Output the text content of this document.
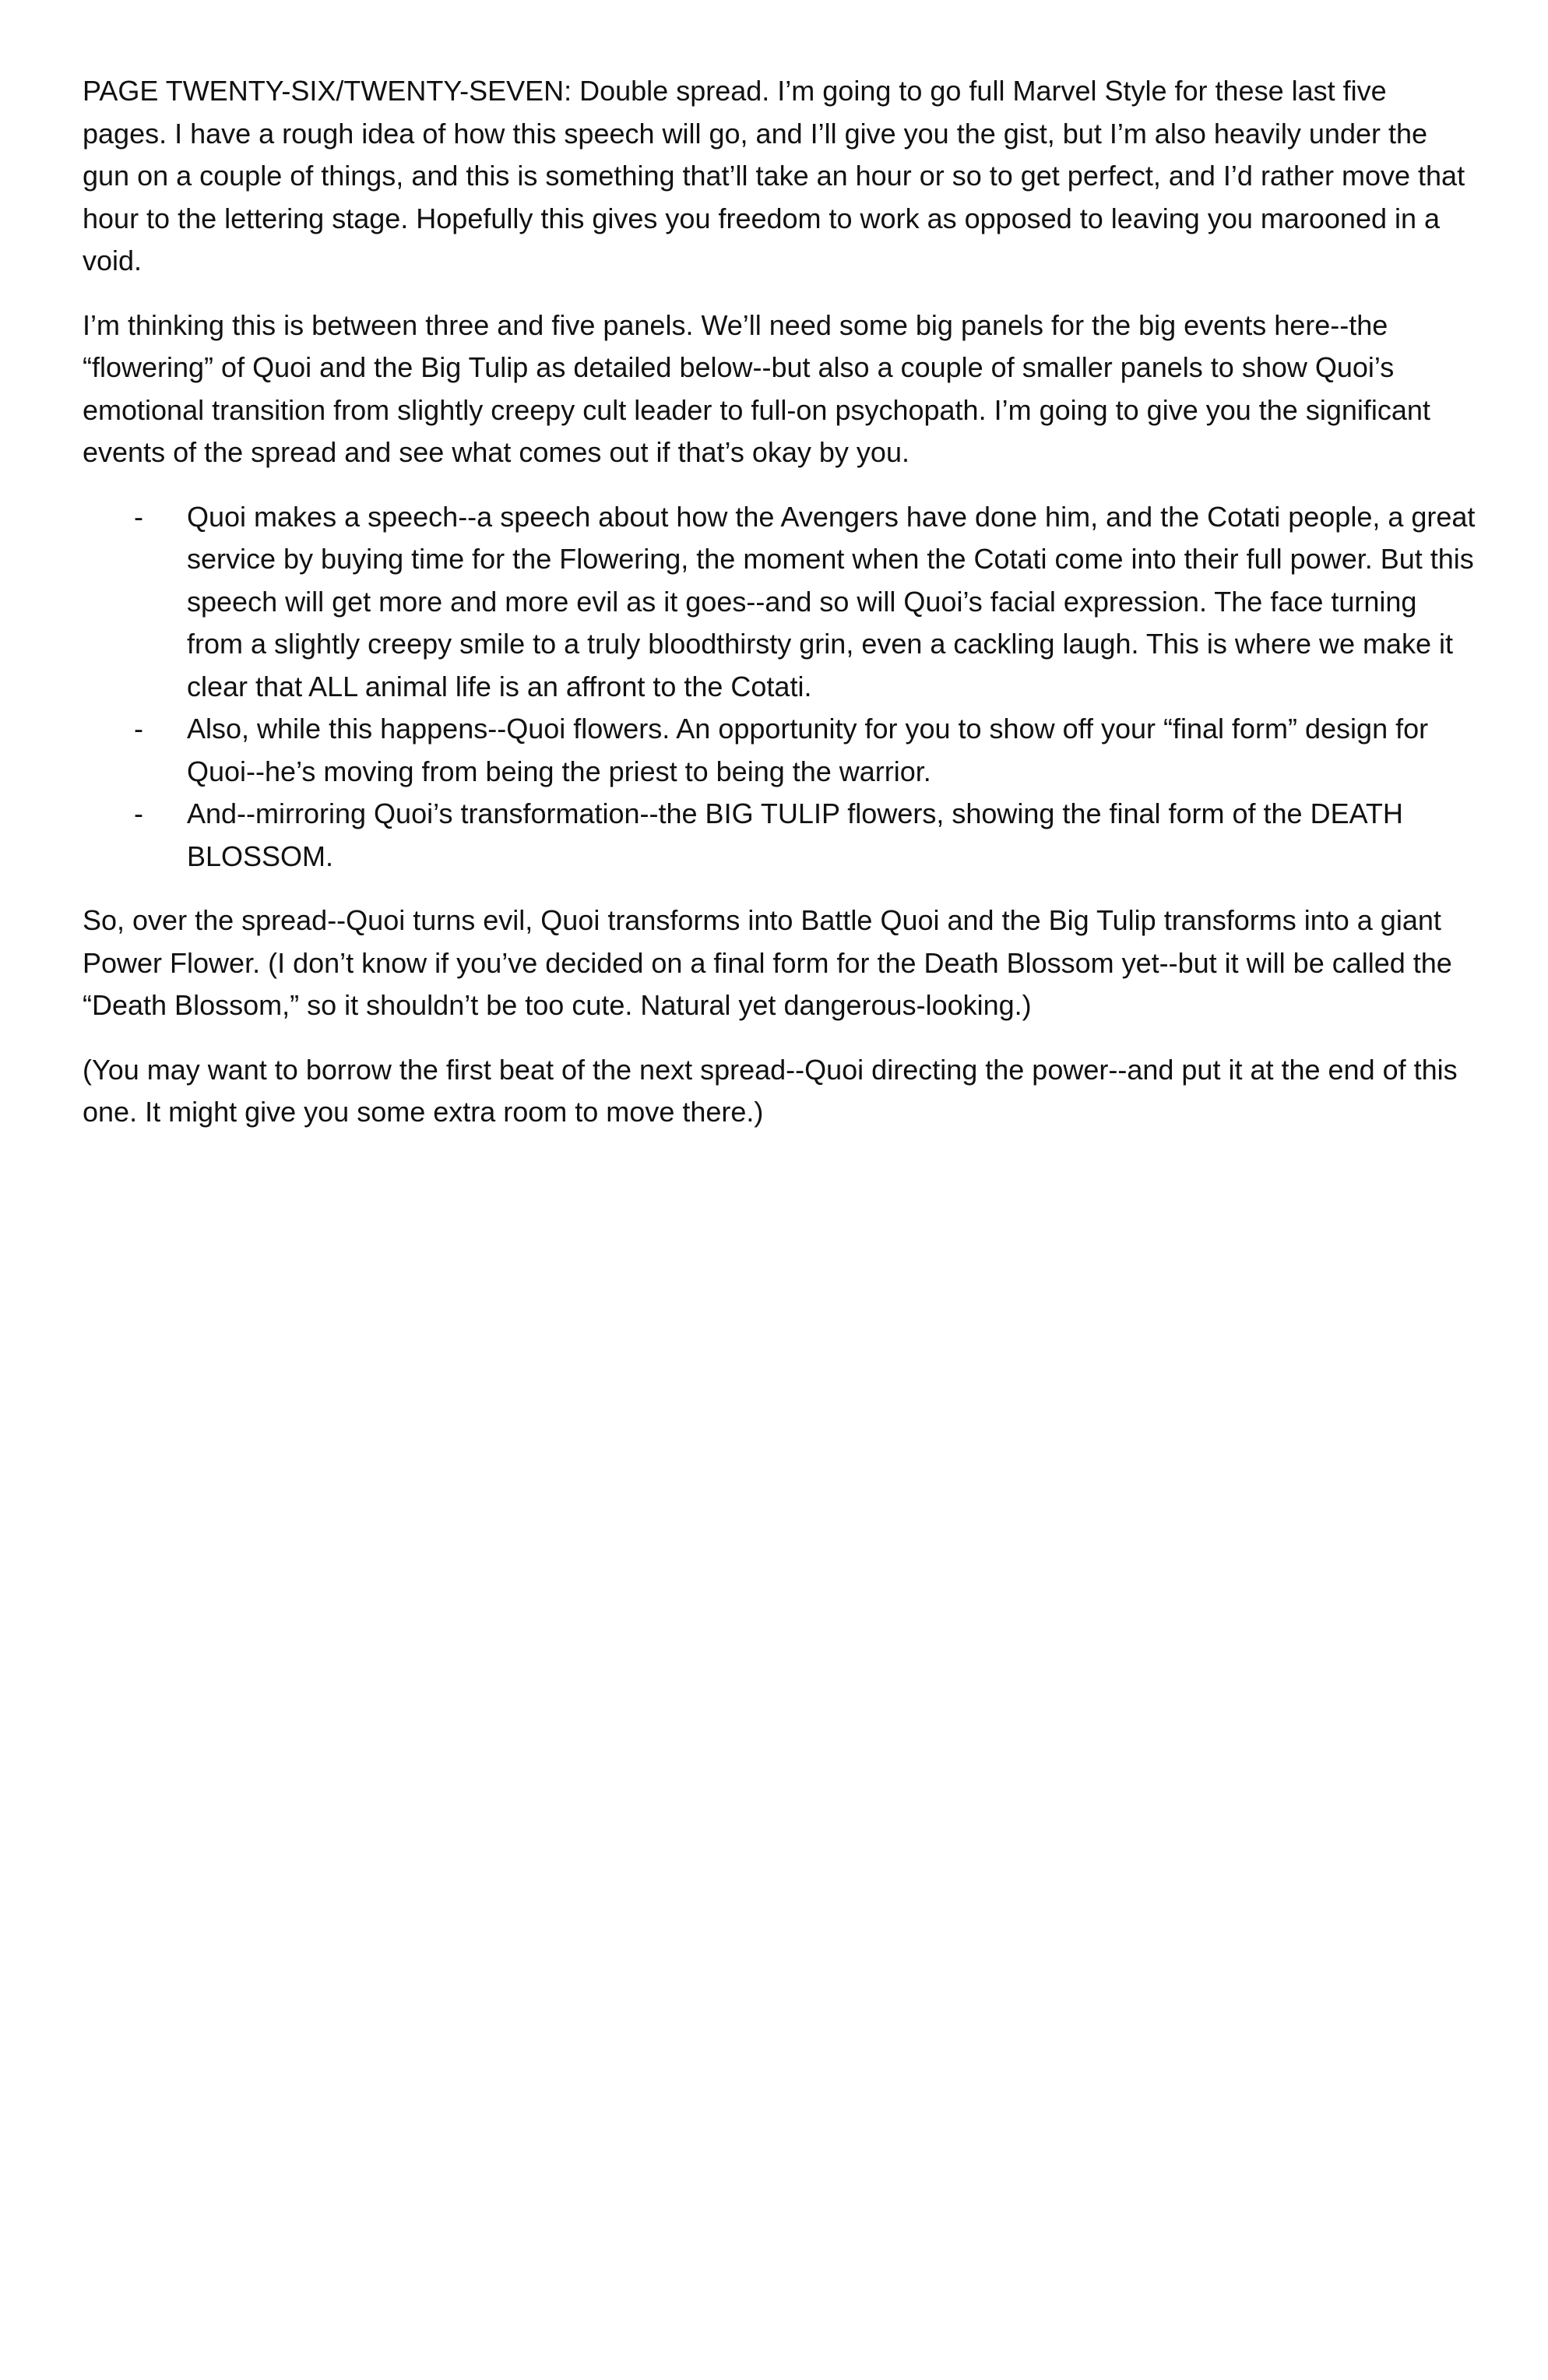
PAGE TWENTY-SIX/TWENTY-SEVEN: Double spread. I’m going to go full Marvel Style for these last five pages. I have a rough idea of how this speech will go, and I’ll give you the gist, but I’m also heavily under the gun on a couple of things, and this is something that’ll take an hour or so to get perfect, and I’d rather move that hour to the lettering stage. Hopefully this gives you freedom to work as opposed to leaving you marooned in a void.

I’m thinking this is between three and five panels. We’ll need some big panels for the big events here--the “flowering” of Quoi and the Big Tulip as detailed below--but also a couple of smaller panels to show Quoi’s emotional transition from slightly creepy cult leader to full-on psychopath. I’m going to give you the significant events of the spread and see what comes out if that’s okay by you.

- Quoi makes a speech--a speech about how the Avengers have done him, and the Cotati people, a great service by buying time for the Flowering, the moment when the Cotati come into their full power. But this speech will get more and more evil as it goes--and so will Quoi’s facial expression. The face turning from a slightly creepy smile to a truly bloodthirsty grin, even a cackling laugh. This is where we make it clear that ALL animal life is an affront to the Cotati.
- Also, while this happens--Quoi flowers. An opportunity for you to show off your “final form” design for Quoi--he’s moving from being the priest to being the warrior.
- And--mirroring Quoi’s transformation--the BIG TULIP flowers, showing the final form of the DEATH BLOSSOM.

So, over the spread--Quoi turns evil, Quoi transforms into Battle Quoi and the Big Tulip transforms into a giant Power Flower. (I don’t know if you’ve decided on a final form for the Death Blossom yet--but it will be called the “Death Blossom,” so it shouldn’t be too cute. Natural yet dangerous-looking.)

(You may want to borrow the first beat of the next spread--Quoi directing the power--and put it at the end of this one. It might give you some extra room to move there.)
